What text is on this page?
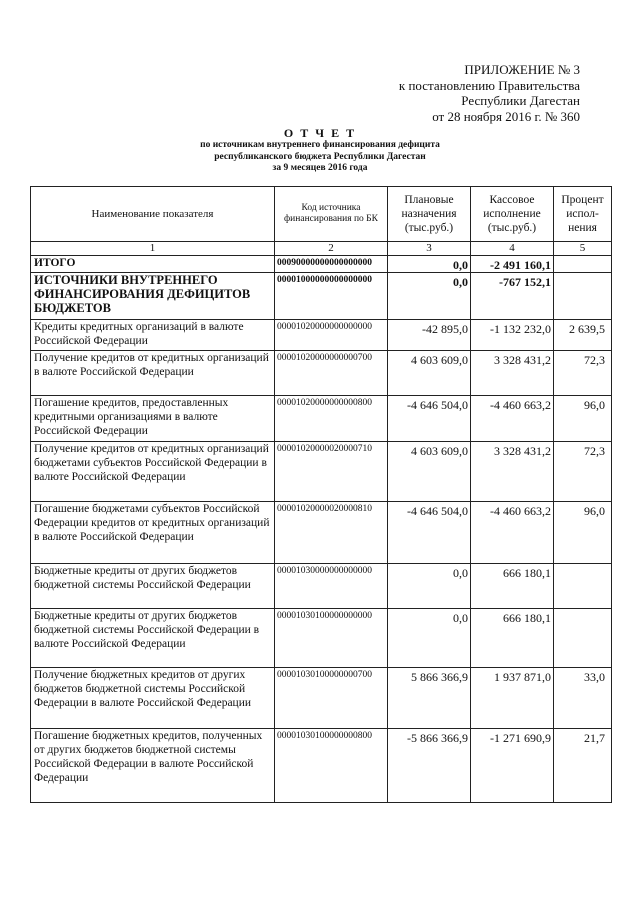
ПРИЛОЖЕНИЕ № 3
к постановлению Правительства
Республики Дагестан
от 28 ноября 2016 г. № 360
О Т Ч Е Т
по источникам внутреннего финансирования дефицита
республиканского бюджета Республики Дагестан
за 9 месяцев 2016 года
Наименование показателя	Код источника финансирования по БК	Плановые назначения (тыс.руб.)	Кассовое исполнение (тыс.руб.)	Процент испол-нения
1	2	3	4	5
ИТОГО	00090000000000000000	0,0	-2 491 160,1	
ИСТОЧНИКИ ВНУТРЕННЕГО ФИНАНСИРОВАНИЯ ДЕФИЦИТОВ БЮДЖЕТОВ	00001000000000000000	0,0	-767 152,1	
Кредиты кредитных организаций в валюте Российской Федерации	00001020000000000000	-42 895,0	-1 132 232,0	2 639,5
Получение кредитов от кредитных организаций в валюте Российской Федерации	00001020000000000700	4 603 609,0	3 328 431,2	72,3
Погашение кредитов, предоставленных кредитными организациями в валюте Российской Федерации	00001020000000000800	-4 646 504,0	-4 460 663,2	96,0
Получение кредитов от кредитных организаций бюджетами субъектов Российской Федерации в валюте Российской Федерации	00001020000020000710	4 603 609,0	3 328 431,2	72,3
Погашение бюджетами субъектов Российской Федерации кредитов от кредитных организаций в валюте Российской Федерации	00001020000020000810	-4 646 504,0	-4 460 663,2	96,0
Бюджетные кредиты от других бюджетов бюджетной системы Российской Федерации	00001030000000000000	0,0	666 180,1	
Бюджетные кредиты от других бюджетов бюджетной системы Российской Федерации в валюте Российской Федерации	00001030100000000000	0,0	666 180,1	
Получение бюджетных кредитов от других бюджетов бюджетной системы Российской Федерации в валюте Российской Федерации	00001030100000000700	5 866 366,9	1 937 871,0	33,0
Погашение бюджетных кредитов, полученных от других бюджетов бюджетной системы Российской Федерации в валюте Российской Федерации	00001030100000000800	-5 866 366,9	-1 271 690,9	21,7
